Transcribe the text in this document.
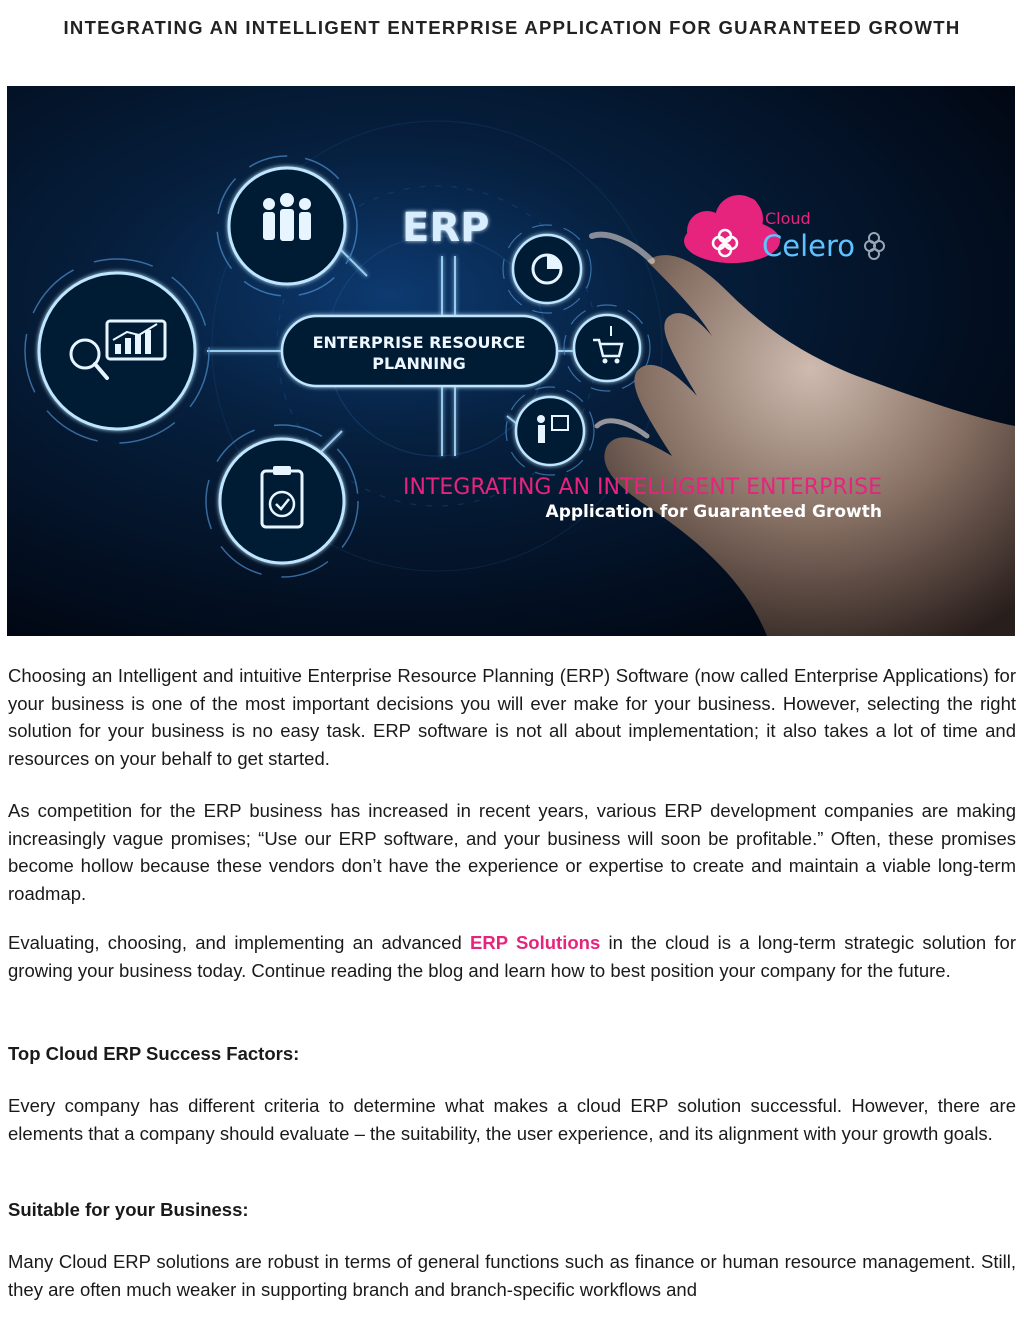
INTEGRATING AN INTELLIGENT ENTERPRISE APPLICATION FOR GUARANTEED GROWTH
ERP
ENTERPRISE RESOURCE
PLANNING
Cloud
Celero
INTEGRATING AN INTELLIGENT ENTERPRISE
Application for Guaranteed Growth

Choosing an Intelligent and intuitive Enterprise Resource Planning (ERP) Software (now called Enterprise Applications) for your business is one of the most important decisions you will ever make for your business. However, selecting the right solution for your business is no easy task. ERP software is not all about implementation; it also takes a lot of time and resources on your behalf to get started.

As competition for the ERP business has increased in recent years, various ERP development companies are making increasingly vague promises; “Use our ERP software, and your business will soon be profitable.” Often, these promises become hollow because these vendors don’t have the experience or expertise to create and maintain a viable long-term roadmap.

Evaluating, choosing, and implementing an advanced ERP Solutions in the cloud is a long-term strategic solution for growing your business today. Continue reading the blog and learn how to best position your company for the future.

Top Cloud ERP Success Factors:

Every company has different criteria to determine what makes a cloud ERP solution successful. However, there are elements that a company should evaluate – the suitability, the user experience, and its alignment with your growth goals.

Suitable for your Business:

Many Cloud ERP solutions are robust in terms of general functions such as finance or human resource management. Still, they are often much weaker in supporting branch and branch-specific workflows and
